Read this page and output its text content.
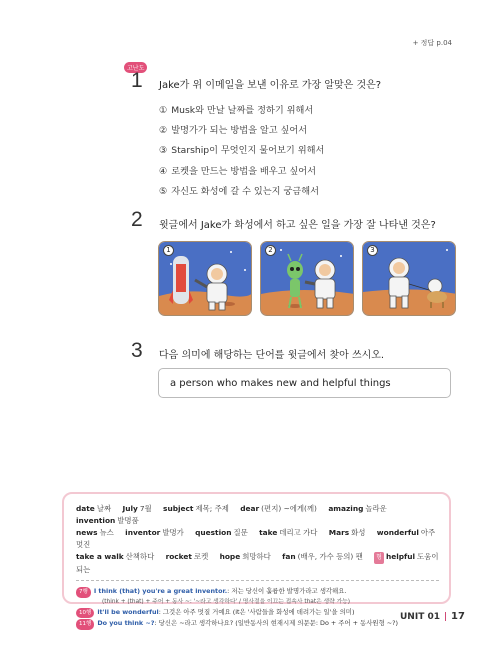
+ 정답 p.04
고난도
1 Jake가 위 이메일을 보낸 이유로 가장 알맞은 것은?
① Musk와 만날 날짜를 정하기 위해서
② 발명가가 되는 방법을 알고 싶어서
③ Starship이 무엇인지 물어보기 위해서
④ 로켓을 만드는 방법을 배우고 싶어서
⑤ 자신도 화성에 갈 수 있는지 궁금해서
2 윗글에서 Jake가 화성에서 하고 싶은 일을 가장 잘 나타낸 것은?
1	2	3
3 다음 의미에 해당하는 단어를 윗글에서 찾아 쓰시오.
a person who makes new and helpful things
date 날짜 July 7월 subject 제목; 주제 dear (편지) ~에게(께) amazing 놀라운 invention 발명품
news 뉴스 inventor 발명가 question 질문 take 데리고 가다 Mars 화성 wonderful 아주 멋진
take a walk 산책하다 rocket 로켓 hope 희망하다 fan (배우, 가수 등의) 팬 형 helpful 도움이 되는
7행 I think (that) you're a great inventor.: 저는 당신이 훌륭한 발명가라고 생각해요.
(think + (that) + 주어 + 동사 ~: '~라고 생각하다' / 명사절을 이끄는 접속사 that은 생략 가능)
10행 it'll be wonderful: 그것은 아주 멋질 거예요 (it은 '사람들을 화성에 데려가는 일'을 의미)
11행 Do you think ~?: 당신은 ~라고 생각하나요? (일반동사의 현재시제 의문문: Do + 주어 + 동사원형 ~?)
UNIT 01 17
